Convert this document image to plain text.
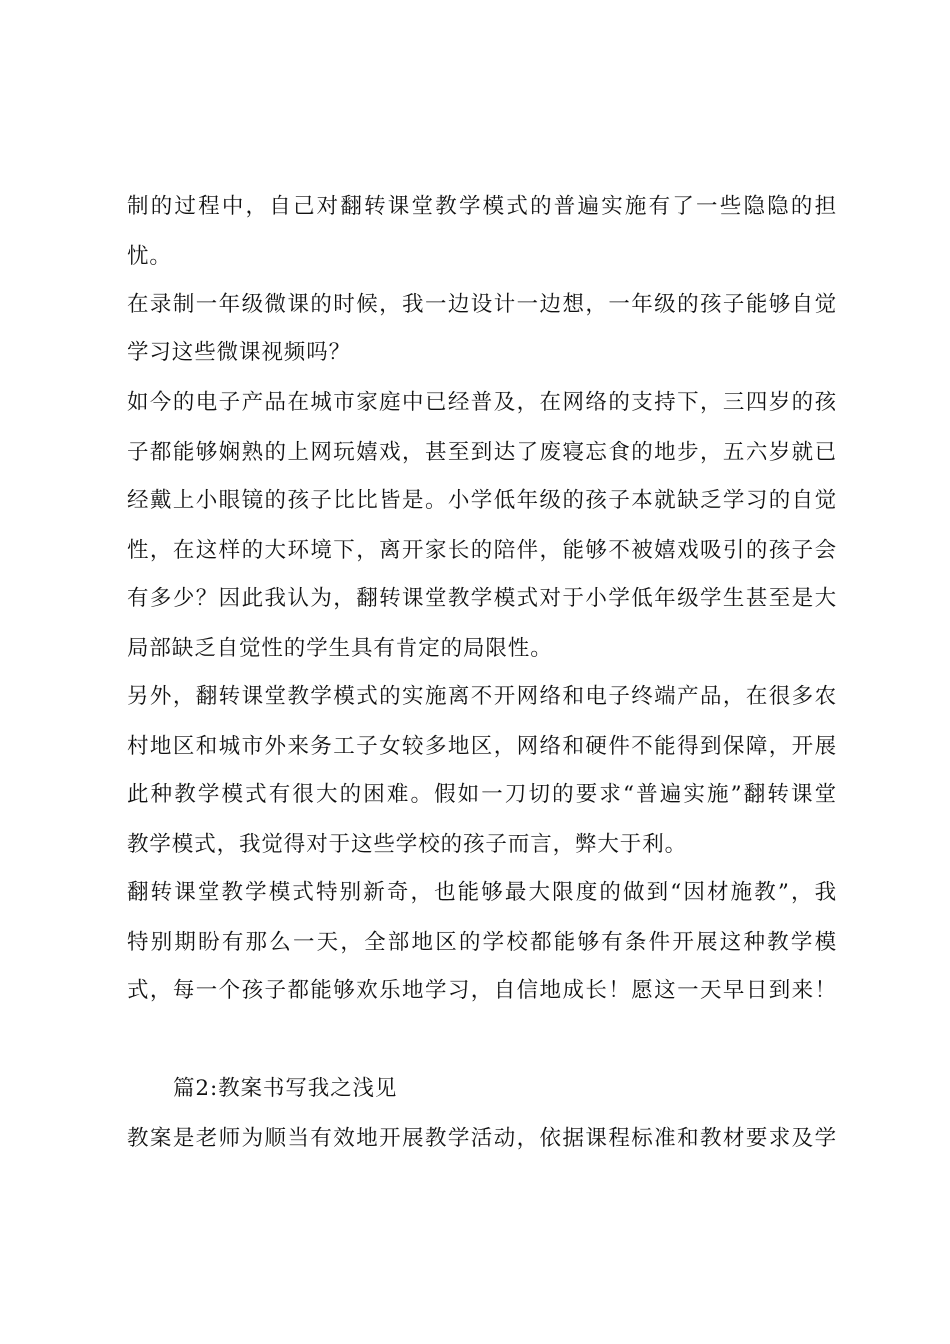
制的过程中，自己对翻转课堂教学模式的普遍实施有了一些隐隐的担
忧。
在录制一年级微课的时候，我一边设计一边想，一年级的孩子能够自觉
学习这些微课视频吗？
如今的电子产品在城市家庭中已经普及，在网络的支持下，三四岁的孩
子都能够娴熟的上网玩嬉戏，甚至到达了废寝忘食的地步，五六岁就已
经戴上小眼镜的孩子比比皆是。小学低年级的孩子本就缺乏学习的自觉
性，在这样的大环境下，离开家长的陪伴，能够不被嬉戏吸引的孩子会
有多少？因此我认为，翻转课堂教学模式对于小学低年级学生甚至是大
局部缺乏自觉性的学生具有肯定的局限性。
另外，翻转课堂教学模式的实施离不开网络和电子终端产品，在很多农
村地区和城市外来务工子女较多地区，网络和硬件不能得到保障，开展
此种教学模式有很大的困难。假如一刀切的要求“普遍实施”翻转课堂
教学模式，我觉得对于这些学校的孩子而言，弊大于利。
翻转课堂教学模式特别新奇，也能够最大限度的做到“因材施教”，我
特别期盼有那么一天，全部地区的学校都能够有条件开展这种教学模
式，每一个孩子都能够欢乐地学习，自信地成长！愿这一天早日到来！
篇2:教案书写我之浅见
教案是老师为顺当有效地开展教学活动，依据课程标准和教材要求及学
